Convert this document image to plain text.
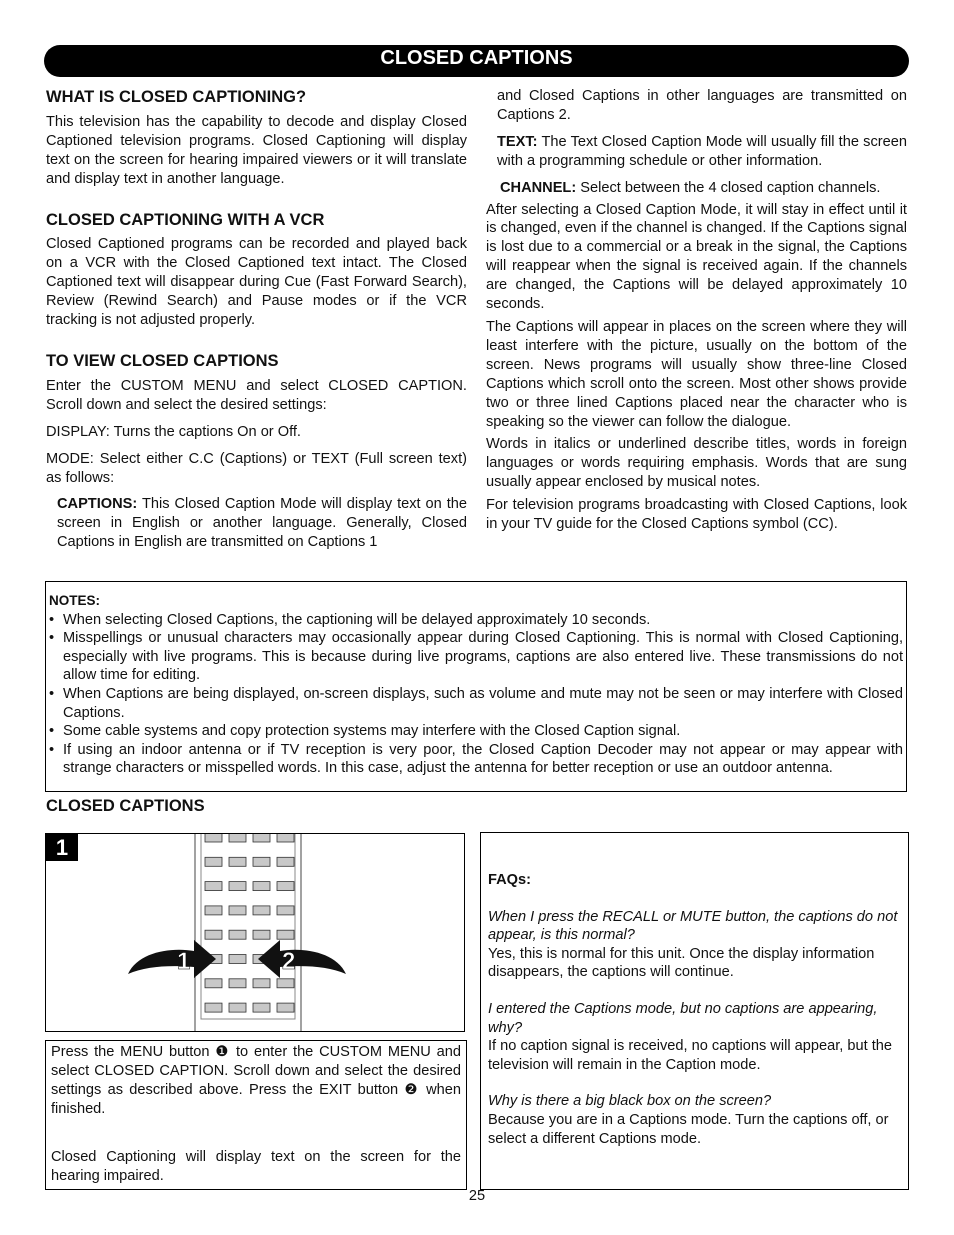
CLOSED CAPTIONS
WHAT IS CLOSED CAPTIONING?

This television has the capability to decode and display Closed Captioned television programs. Closed Captioning will display text on the screen for hearing impaired viewers or it will translate and display text in another language.

CLOSED CAPTIONING WITH A VCR

Closed Captioned programs can be recorded and played back on a VCR with the Closed Captioned text intact. The Closed Captioned text will disappear during Cue (Fast Forward Search), Review (Rewind Search) and Pause modes or if the VCR tracking is not adjusted properly.

TO VIEW CLOSED CAPTIONS

Enter the CUSTOM MENU and select CLOSED CAPTION. Scroll down and select the desired settings:

DISPLAY: Turns the captions On or Off.

MODE: Select either C.C (Captions) or TEXT (Full screen text) as follows:

CAPTIONS: This Closed Caption Mode will display text on the screen in English or another language. Generally, Closed Captions in English are transmitted on Captions 1

and Closed Captions in other languages are transmitted on Captions 2.

TEXT: The Text Closed Caption Mode will usually fill the screen with a programming schedule or other information.

CHANNEL: Select between the 4 closed caption channels.

After selecting a Closed Caption Mode, it will stay in effect until it is changed, even if the channel is changed. If the Captions signal is lost due to a commercial or a break in the signal, the Captions will reappear when the signal is received again. If the channels are changed, the Captions will be delayed approximately 10 seconds.

The Captions will appear in places on the screen where they will least interfere with the picture, usually on the bottom of the screen. News programs will usually show three-line Closed Captions which scroll onto the screen. Most other shows provide two or three lined Captions placed near the character who is speaking so the viewer can follow the dialogue.

Words in italics or underlined describe titles, words in foreign languages or words requiring emphasis. Words that are sung usually appear enclosed by musical notes.

For television programs broadcasting with Closed Captions, look in your TV guide for the Closed Captions symbol (CC).

NOTES:
• When selecting Closed Captions, the captioning will be delayed approximately 10 seconds.
• Misspellings or unusual characters may occasionally appear during Closed Captioning. This is normal with Closed Captioning, especially with live programs. This is because during live programs, captions are also entered live. These transmissions do not allow time for editing.
• When Captions are being displayed, on-screen displays, such as volume and mute may not be seen or may interfere with Closed Captions.
• Some cable systems and copy protection systems may interfere with the Closed Caption signal.
• If using an indoor antenna or if TV reception is very poor, the Closed Caption Decoder may not appear or may appear with strange characters or misspelled words. In this case, adjust the antenna for better reception or use an outdoor antenna.
CLOSED CAPTIONS
1
1	2

Press the MENU button ❶ to enter the CUSTOM MENU and select CLOSED CAPTION. Scroll down and select the desired settings as described above. Press the EXIT button ❷ when finished.

Closed Captioning will display text on the screen for the hearing impaired.

FAQs:

When I press the RECALL or MUTE button, the captions do not appear, is this normal?

Yes, this is normal for this unit. Once the display information disappears, the captions will continue.

I entered the Captions mode, but no captions are appearing, why?

If no caption signal is received, no captions will appear, but the television will remain in the Caption mode.

Why is there a big black box on the screen?

Because you are in a Captions mode. Turn the captions off, or select a different Captions mode.

25
